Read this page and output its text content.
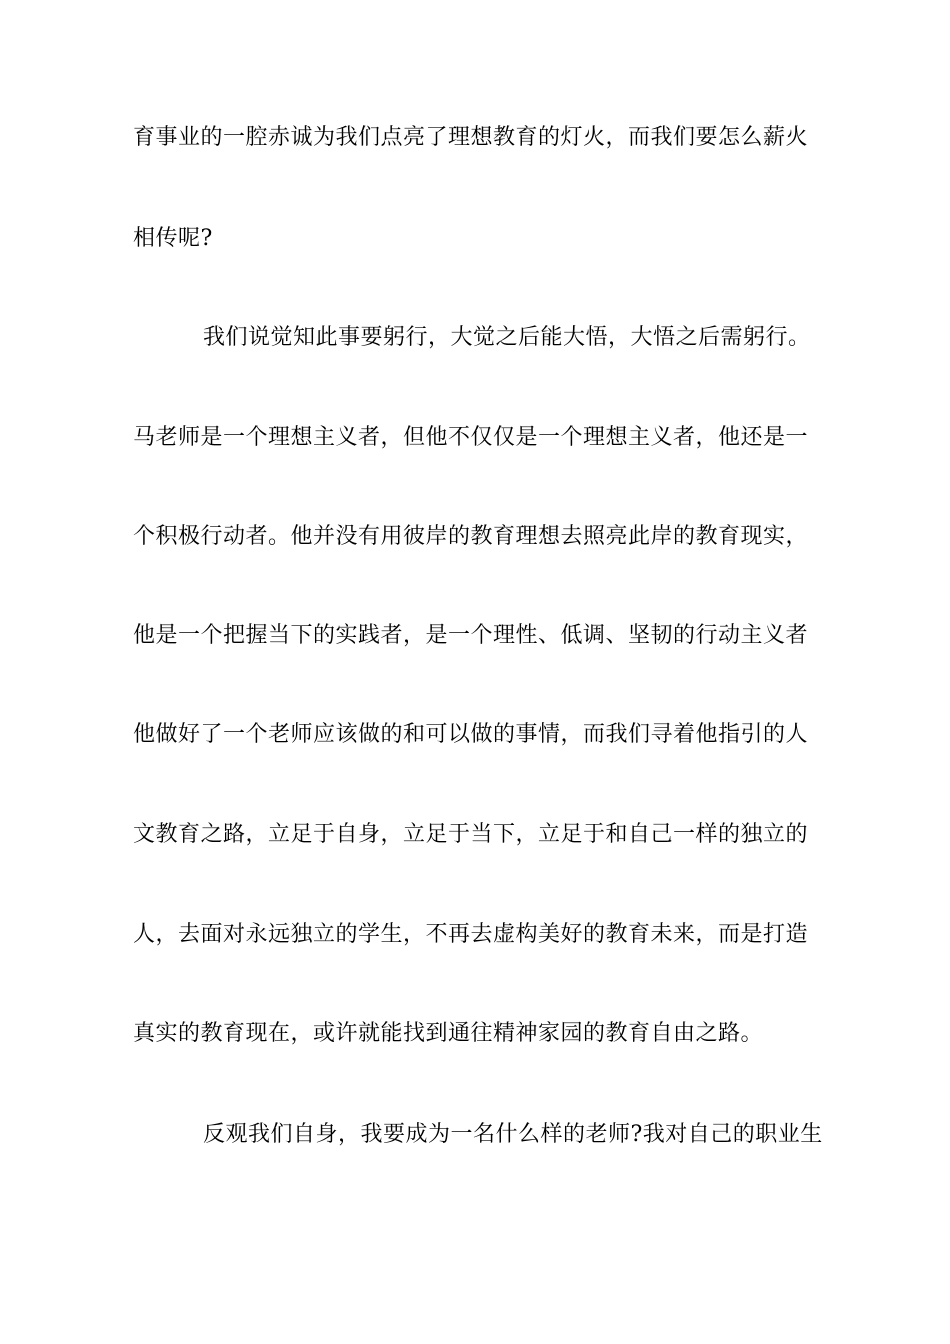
育事业的一腔赤诚为我们点亮了理想教育的灯火，而我们要怎么薪火
相传呢?
我们说觉知此事要躬行，大觉之后能大悟，大悟之后需躬行。
马老师是一个理想主义者，但他不仅仅是一个理想主义者，他还是一
个积极行动者。他并没有用彼岸的教育理想去照亮此岸的教育现实，
他是一个把握当下的实践者，是一个理性、低调、坚韧的行动主义者
他做好了一个老师应该做的和可以做的事情，而我们寻着他指引的人
文教育之路，立足于自身，立足于当下，立足于和自己一样的独立的
人，去面对永远独立的学生，不再去虚构美好的教育未来，而是打造
真实的教育现在，或许就能找到通往精神家园的教育自由之路。
反观我们自身，我要成为一名什么样的老师?我对自己的职业生
